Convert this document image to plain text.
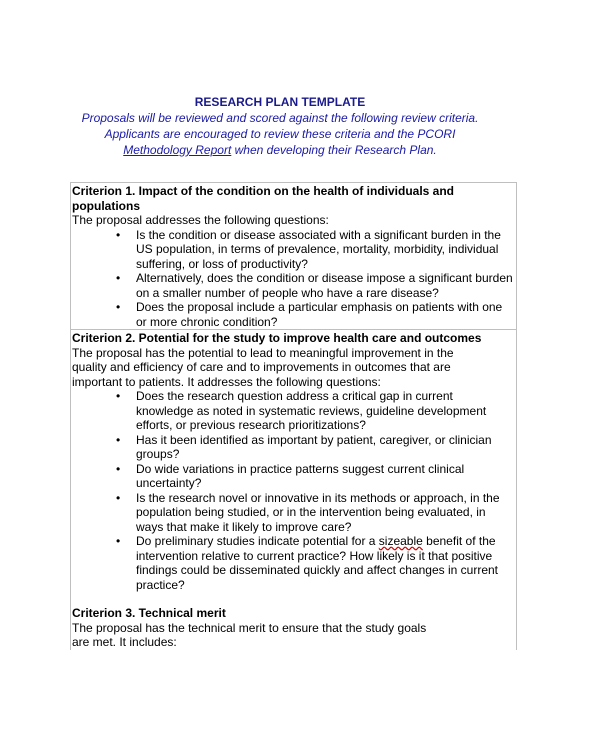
RESEARCH PLAN TEMPLATE
Proposals will be reviewed and scored against the following review criteria.
Applicants are encouraged to review these criteria and the PCORI
Methodology Report when developing their Research Plan.
Criterion 1. Impact of the condition on the health of individuals and
populations
The proposal addresses the following questions:
• Is the condition or disease associated with a significant burden in the
US population, in terms of prevalence, mortality, morbidity, individual
suffering, or loss of productivity?
• Alternatively, does the condition or disease impose a significant burden
on a smaller number of people who have a rare disease?
• Does the proposal include a particular emphasis on patients with one
or more chronic condition?
Criterion 2. Potential for the study to improve health care and outcomes
The proposal has the potential to lead to meaningful improvement in the
quality and efficiency of care and to improvements in outcomes that are
important to patients. It addresses the following questions:
• Does the research question address a critical gap in current
knowledge as noted in systematic reviews, guideline development
efforts, or previous research prioritizations?
• Has it been identified as important by patient, caregiver, or clinician
groups?
• Do wide variations in practice patterns suggest current clinical
uncertainty?
• Is the research novel or innovative in its methods or approach, in the
population being studied, or in the intervention being evaluated, in
ways that make it likely to improve care?
• Do preliminary studies indicate potential for a sizeable benefit of the
intervention relative to current practice? How likely is it that positive
findings could be disseminated quickly and affect changes in current
practice?
Criterion 3. Technical merit
The proposal has the technical merit to ensure that the study goals
are met. It includes:
